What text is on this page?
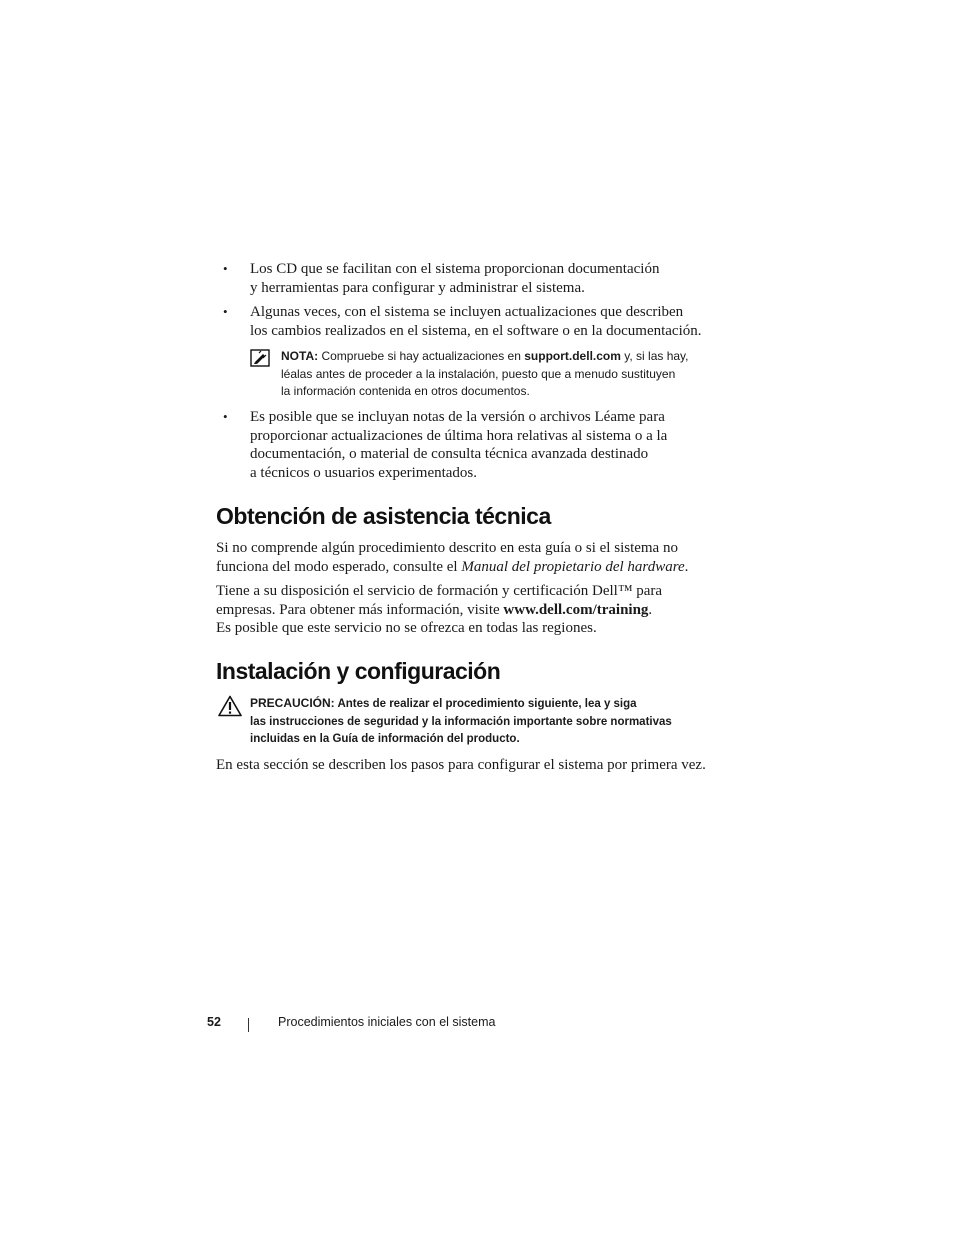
• Los CD que se facilitan con el sistema proporcionan documentación
y herramientas para configurar y administrar el sistema.
• Algunas veces, con el sistema se incluyen actualizaciones que describen
los cambios realizados en el sistema, en el software o en la documentación.
NOTA: Compruebe si hay actualizaciones en support.dell.com y, si las hay,
léalas antes de proceder a la instalación, puesto que a menudo sustituyen
la información contenida en otros documentos.
• Es posible que se incluyan notas de la versión o archivos Léame para
proporcionar actualizaciones de última hora relativas al sistema o a la
documentación, o material de consulta técnica avanzada destinado
a técnicos o usuarios experimentados.
Obtención de asistencia técnica
Si no comprende algún procedimiento descrito en esta guía o si el sistema no
funciona del modo esperado, consulte el Manual del propietario del hardware.
Tiene a su disposición el servicio de formación y certificación Dell™ para
empresas. Para obtener más información, visite www.dell.com/training.
Es posible que este servicio no se ofrezca en todas las regiones.
Instalación y configuración
PRECAUCIÓN: Antes de realizar el procedimiento siguiente, lea y siga
las instrucciones de seguridad y la información importante sobre normativas
incluidas en la Guía de información del producto.
En esta sección se describen los pasos para configurar el sistema por primera vez.
52	Procedimientos iniciales con el sistema
